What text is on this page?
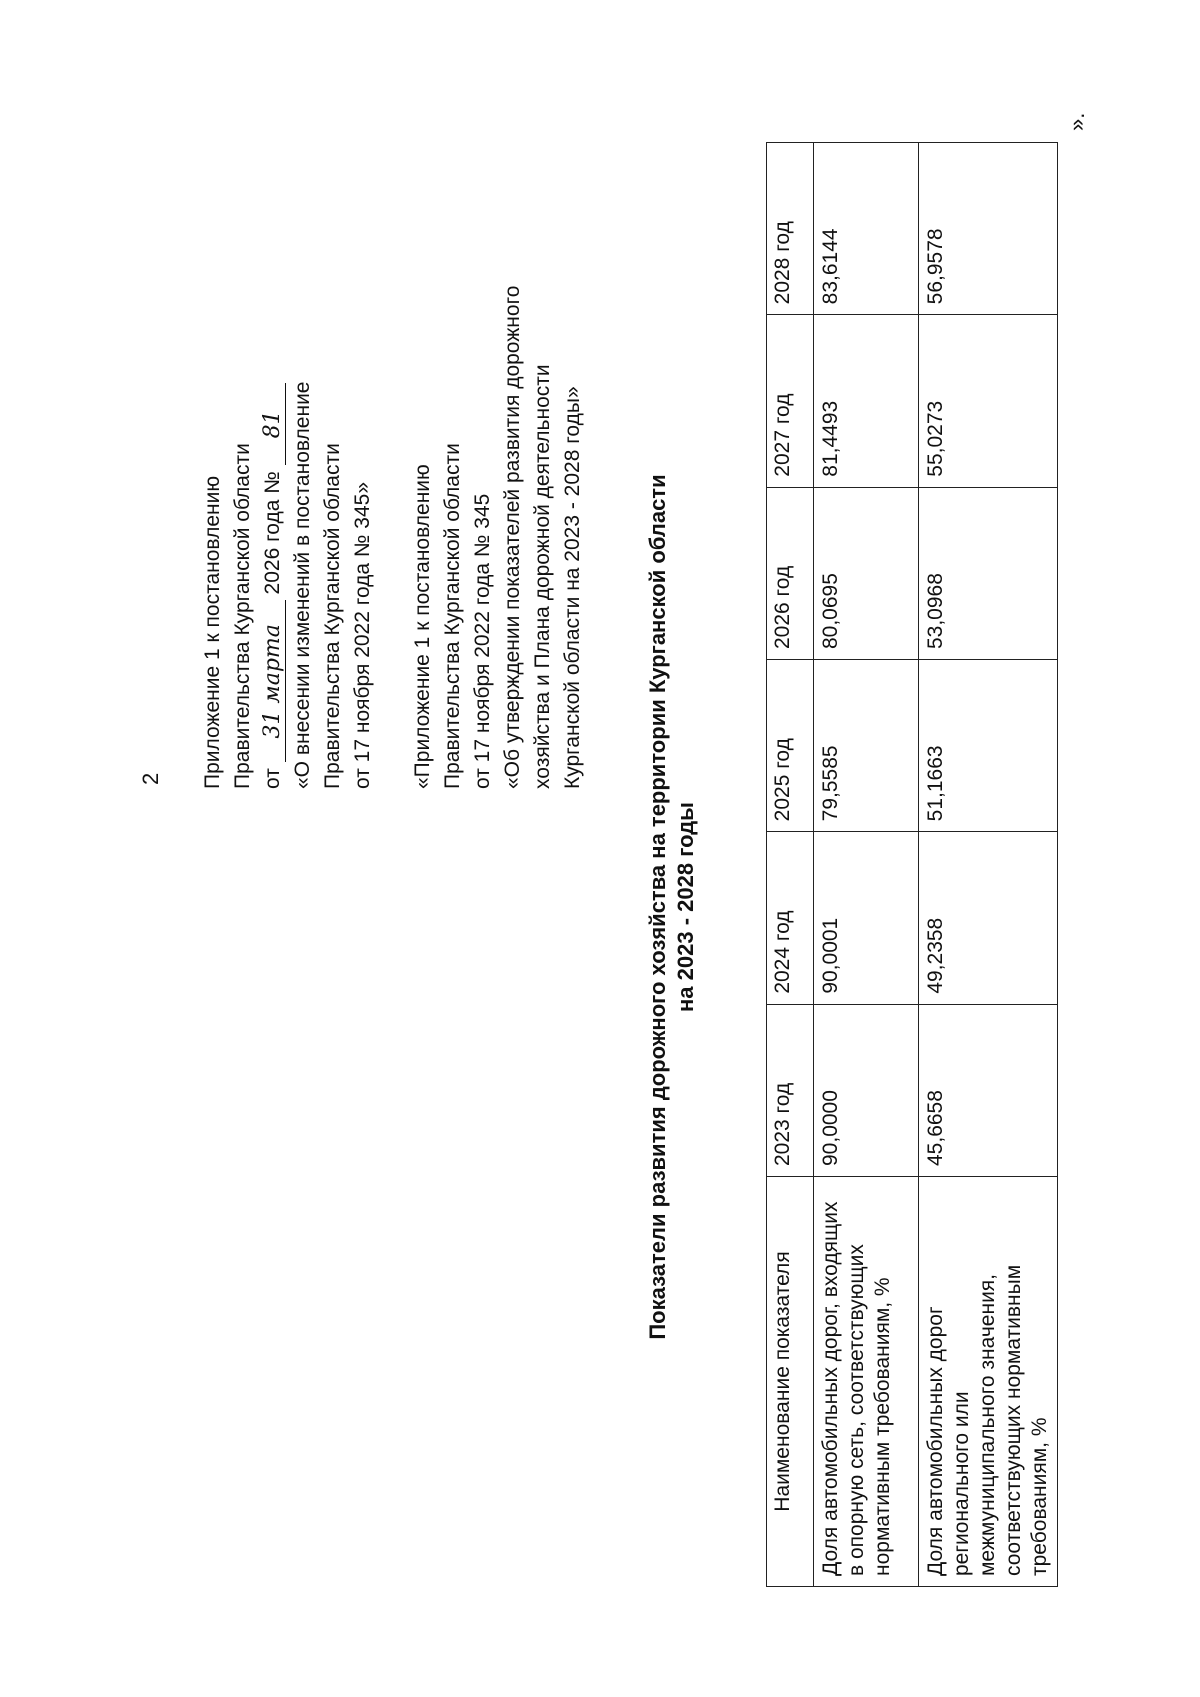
2 Приложение 1 к постановлению Правительства Курганской области от 31 марта 2026 года № 81 «О внесении изменений в постановление Правительства Курганской области от 17 ноября 2022 года № 345» «Приложение 1 к постановлению Правительства Курганской области от 17 ноября 2022 года № 345 «Об утверждении показателей развития дорожного хозяйства и Плана дорожной деятельности Курганской области на 2023 - 2028 годы»	Показатели развития дорожного хозяйства на территории Курганской области на 2023 - 2028 годы
Наименование показателя	2023 год	2024 год	2025 год	2026 год	2027 год	2028 год
Доля автомобильных дорог, входящих в опорную сеть, соответствующих нормативным требованиям, %	90,0000	90,0001	79,5585	80,0695	81,4493	83,6144
Доля автомобильных дорог регионального или межмуниципального значения, соответствующих нормативным требованиям, %	45,6658	49,2358	51,1663	53,0968	55,0273	56,9578
».
